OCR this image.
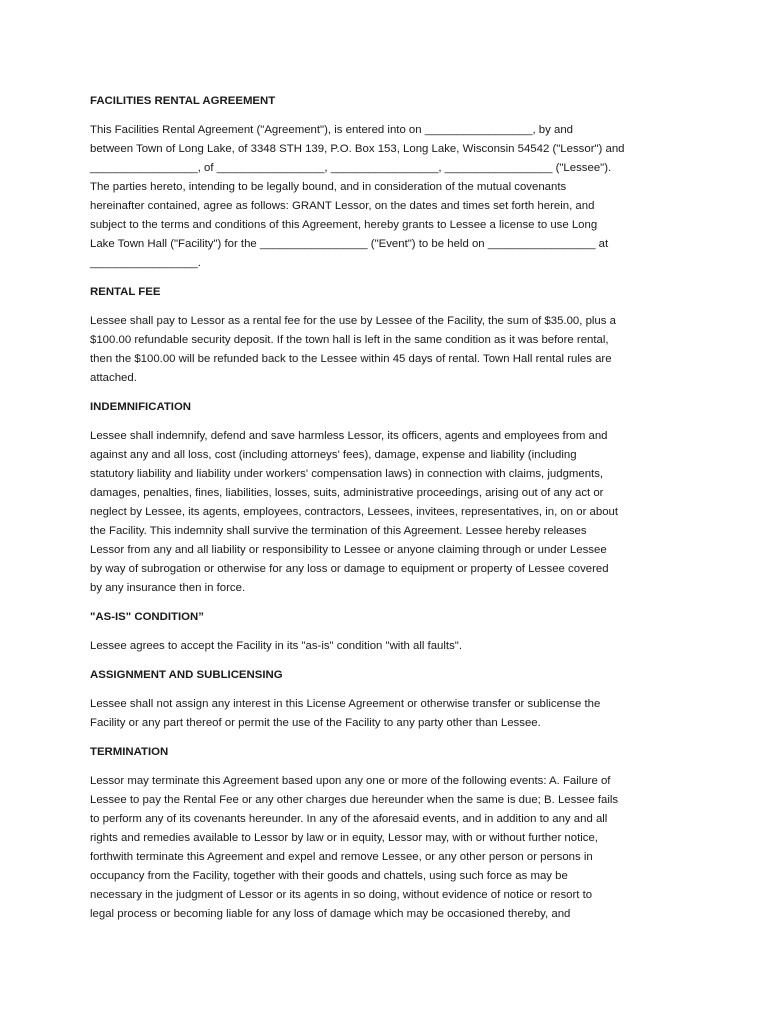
FACILITIES RENTAL AGREEMENT
This Facilities Rental Agreement ("Agreement"), is entered into on _________________, by and
between Town of Long Lake, of 3348 STH 139, P.O. Box 153, Long Lake, Wisconsin 54542 ("Lessor") and
_________________, of _________________, _________________, _________________ ("Lessee").
The parties hereto, intending to be legally bound, and in consideration of the mutual covenants
hereinafter contained, agree as follows: GRANT Lessor, on the dates and times set forth herein, and
subject to the terms and conditions of this Agreement, hereby grants to Lessee a license to use Long
Lake Town Hall ("Facility") for the _________________ ("Event") to be held on _________________ at
_________________.
RENTAL FEE
Lessee shall pay to Lessor as a rental fee for the use by Lessee of the Facility, the sum of $35.00, plus a
$100.00 refundable security deposit. If the town hall is left in the same condition as it was before rental,
then the $100.00 will be refunded back to the Lessee within 45 days of rental. Town Hall rental rules are
attached.
INDEMNIFICATION
Lessee shall indemnify, defend and save harmless Lessor, its officers, agents and employees from and
against any and all loss, cost (including attorneys' fees), damage, expense and liability (including
statutory liability and liability under workers' compensation laws) in connection with claims, judgments,
damages, penalties, fines, liabilities, losses, suits, administrative proceedings, arising out of any act or
neglect by Lessee, its agents, employees, contractors, Lessees, invitees, representatives, in, on or about
the Facility. This indemnity shall survive the termination of this Agreement. Lessee hereby releases
Lessor from any and all liability or responsibility to Lessee or anyone claiming through or under Lessee
by way of subrogation or otherwise for any loss or damage to equipment or property of Lessee covered
by any insurance then in force.
"AS-IS" CONDITION”
Lessee agrees to accept the Facility in its "as-is" condition "with all faults".
ASSIGNMENT AND SUBLICENSING
Lessee shall not assign any interest in this License Agreement or otherwise transfer or sublicense the
Facility or any part thereof or permit the use of the Facility to any party other than Lessee.
TERMINATION
Lessor may terminate this Agreement based upon any one or more of the following events: A. Failure of
Lessee to pay the Rental Fee or any other charges due hereunder when the same is due; B. Lessee fails
to perform any of its covenants hereunder. In any of the aforesaid events, and in addition to any and all
rights and remedies available to Lessor by law or in equity, Lessor may, with or without further notice,
forthwith terminate this Agreement and expel and remove Lessee, or any other person or persons in
occupancy from the Facility, together with their goods and chattels, using such force as may be
necessary in the judgment of Lessor or its agents in so doing, without evidence of notice or resort to
legal process or becoming liable for any loss of damage which may be occasioned thereby, and
